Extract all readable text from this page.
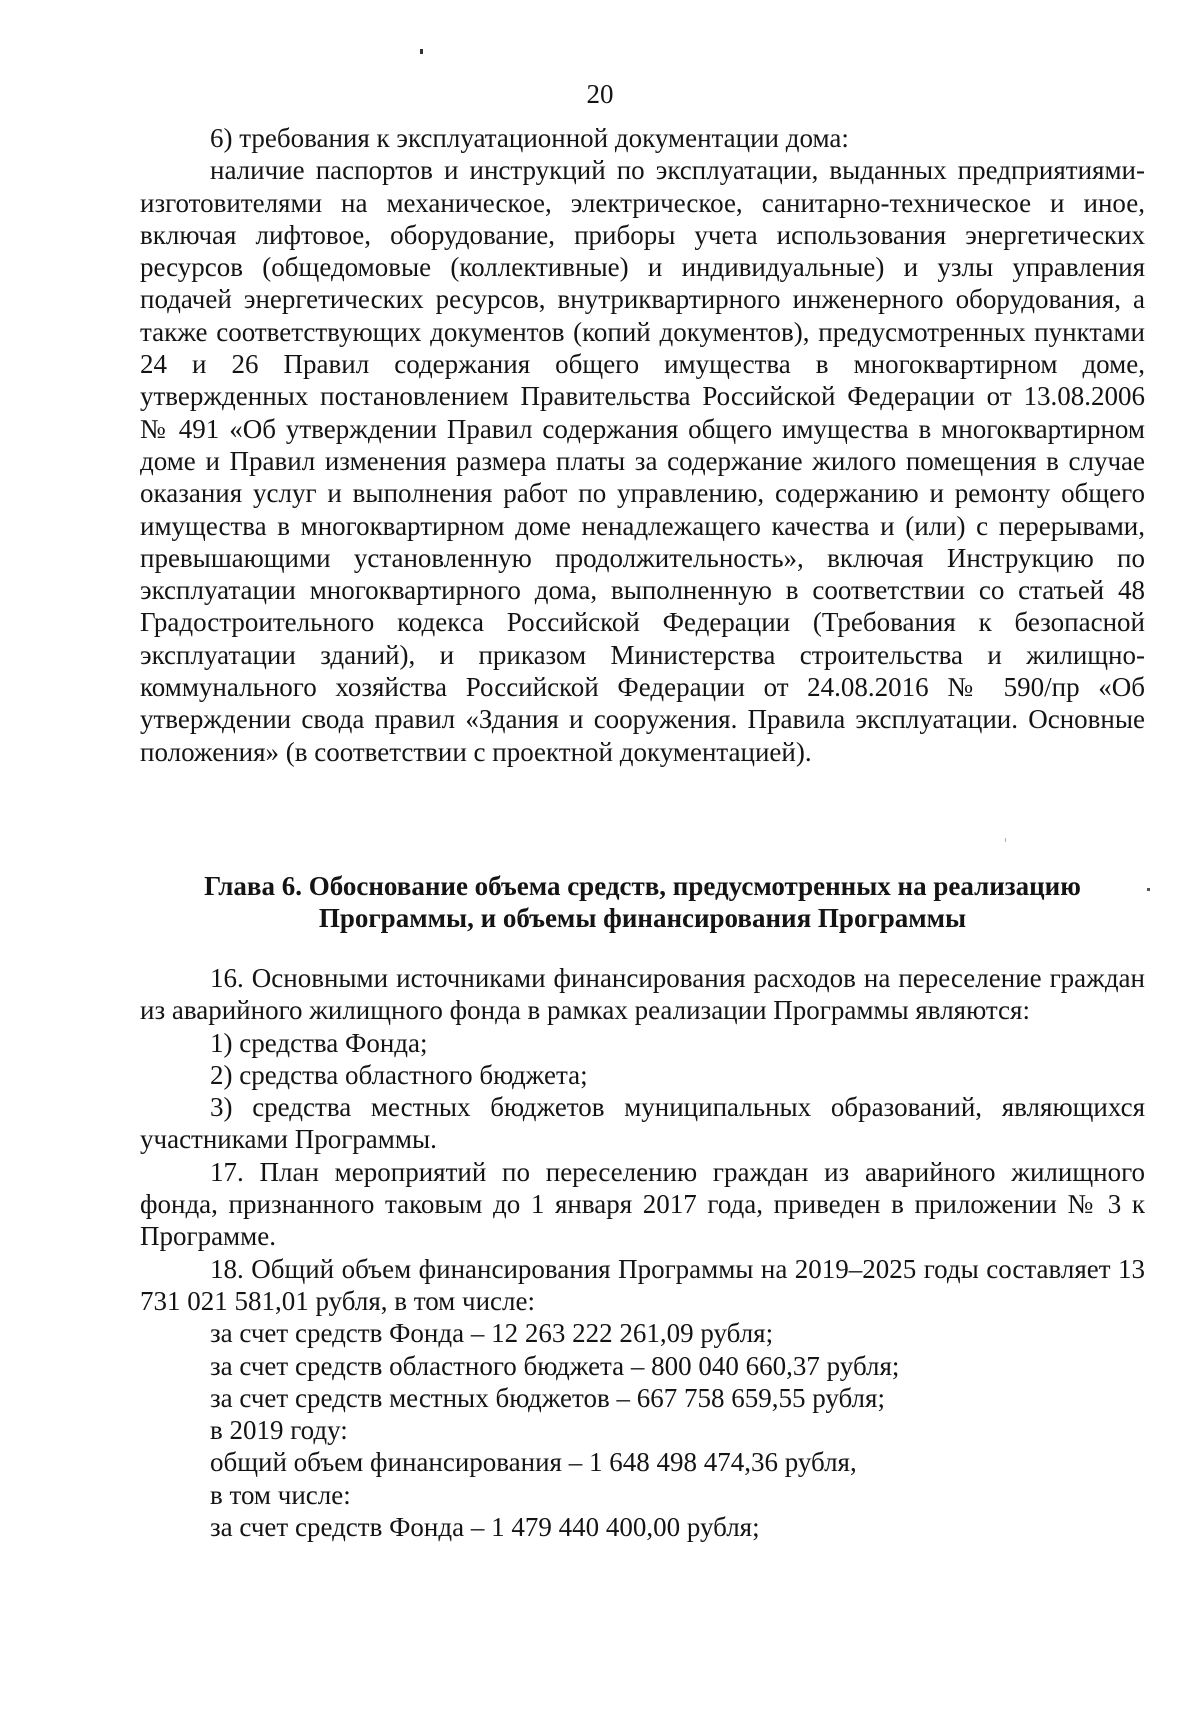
20

6) требования к эксплуатационной документации дома:

наличие паспортов и инструкций по эксплуатации, выданных предприятиями-изготовителями на механическое, электрическое, санитарно-техническое и иное, включая лифтовое, оборудование, приборы учета использования энергетических ресурсов (общедомовые (коллективные) и индивидуальные) и узлы управления подачей энергетических ресурсов, внутриквартирного инженерного оборудования, а также соответствующих документов (копий документов), предусмотренных пунктами 24 и 26 Правил содержания общего имущества в многоквартирном доме, утвержденных постановлением Правительства Российской Федерации от 13.08.2006 № 491 «Об утверждении Правил содержания общего имущества в многоквартирном доме и Правил изменения размера платы за содержание жилого помещения в случае оказания услуг и выполнения работ по управлению, содержанию и ремонту общего имущества в многоквартирном доме ненадлежащего качества и (или) с перерывами, превышающими установленную продолжительность», включая Инструкцию по эксплуатации многоквартирного дома, выполненную в соответствии со статьей 48 Градостроительного кодекса Российской Федерации (Требования к безопасной эксплуатации зданий), и приказом Министерства строительства и жилищно-коммунального хозяйства Российской Федерации от 24.08.2016 № 590/пр «Об утверждении свода правил «Здания и сооружения. Правила эксплуатации. Основные положения» (в соответствии с проектной документацией).

Глава 6. Обоснование объема средств, предусмотренных на реализацию
Программы, и объемы финансирования Программы

16. Основными источниками финансирования расходов на переселение граждан из аварийного жилищного фонда в рамках реализации Программы являются:

1) средства Фонда;

2) средства областного бюджета;

3) средства местных бюджетов муниципальных образований, являющихся участниками Программы.

17. План мероприятий по переселению граждан из аварийного жилищного фонда, признанного таковым до 1 января 2017 года, приведен в приложении № 3 к Программе.

18. Общий объем финансирования Программы на 2019–2025 годы составляет 13 731 021 581,01 рубля, в том числе:

за счет средств Фонда – 12 263 222 261,09 рубля;

за счет средств областного бюджета – 800 040 660,37 рубля;

за счет средств местных бюджетов – 667 758 659,55 рубля;

в 2019 году:

общий объем финансирования – 1 648 498 474,36 рубля,

в том числе:

за счет средств Фонда – 1 479 440 400,00 рубля;
